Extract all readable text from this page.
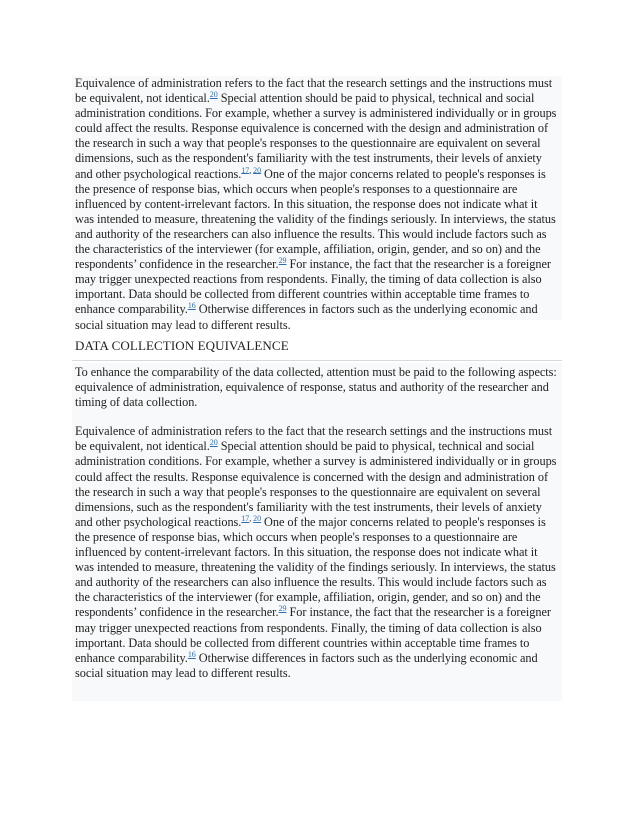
Equivalence of administration refers to the fact that the research settings and the instructions must be equivalent, not identical.$^{20}$ Special attention should be paid to physical, technical and social administration conditions. For example, whether a survey is administered individually or in groups could affect the results. Response equivalence is concerned with the design and administration of the research in such a way that people's responses to the questionnaire are equivalent on several dimensions, such as the respondent's familiarity with the test instruments, their levels of anxiety and other psychological reactions.$^{17, 20}$ One of the major concerns related to people's responses is the presence of response bias, which occurs when people's responses to a questionnaire are influenced by content-irrelevant factors. In this situation, the response does not indicate what it was intended to measure, threatening the validity of the findings seriously. In interviews, the status and authority of the researchers can also influence the results. This would include factors such as the characteristics of the interviewer (for example, affiliation, origin, gender, and so on) and the respondents’ confidence in the researcher.$^{29}$ For instance, the fact that the researcher is a foreigner may trigger unexpected reactions from respondents. Finally, the timing of data collection is also important. Data should be collected from different countries within acceptable time frames to enhance comparability.$^{16}$ Otherwise differences in factors such as the underlying economic and social situation may lead to different results.

DATA COLLECTION EQUIVALENCE

To enhance the comparability of the data collected, attention must be paid to the following aspects: equivalence of administration, equivalence of response, status and authority of the researcher and timing of data collection.

Equivalence of administration refers to the fact that the research settings and the instructions must be equivalent, not identical.$^{20}$ Special attention should be paid to physical, technical and social administration conditions. For example, whether a survey is administered individually or in groups could affect the results. Response equivalence is concerned with the design and administration of the research in such a way that people's responses to the questionnaire are equivalent on several dimensions, such as the respondent's familiarity with the test instruments, their levels of anxiety and other psychological reactions.$^{17, 20}$ One of the major concerns related to people's responses is the presence of response bias, which occurs when people's responses to a questionnaire are influenced by content-irrelevant factors. In this situation, the response does not indicate what it was intended to measure, threatening the validity of the findings seriously. In interviews, the status and authority of the researchers can also influence the results. This would include factors such as the characteristics of the interviewer (for example, affiliation, origin, gender, and so on) and the respondents’ confidence in the researcher.$^{29}$ For instance, the fact that the researcher is a foreigner may trigger unexpected reactions from respondents. Finally, the timing of data collection is also important. Data should be collected from different countries within acceptable time frames to enhance comparability.$^{16}$ Otherwise differences in factors such as the underlying economic and social situation may lead to different results.
